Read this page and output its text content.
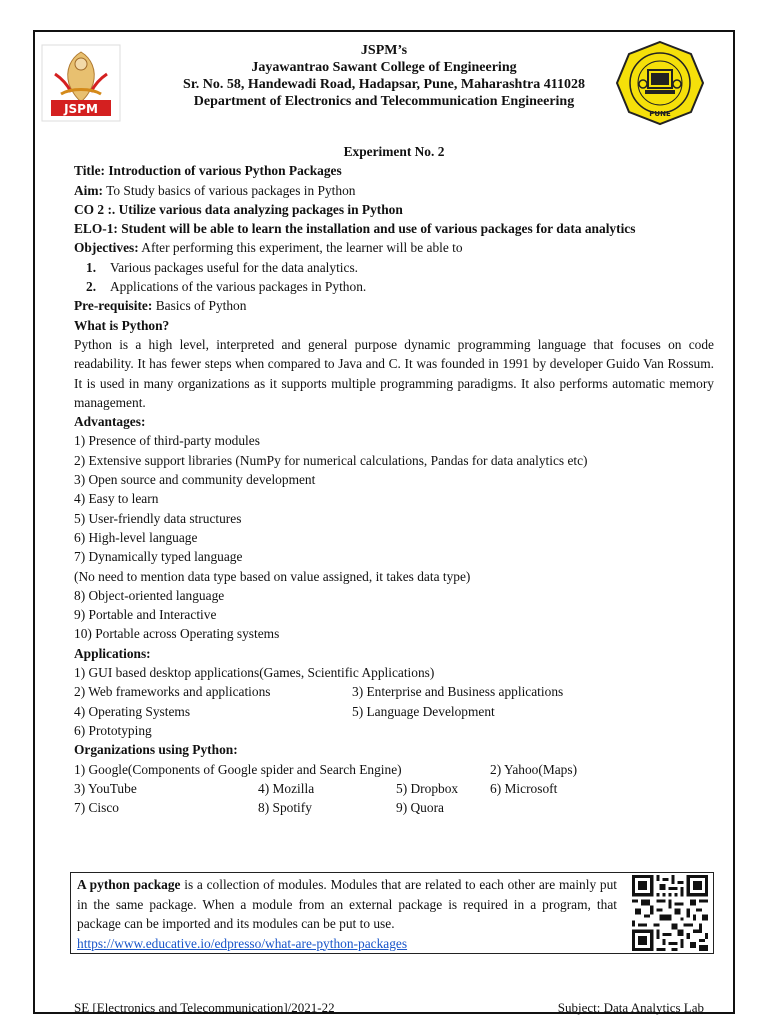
JSPM
JSPM’s
Jayawantrao Sawant College of Engineering
Sr. No. 58, Handewadi Road, Hadapsar, Pune, Maharashtra 411028
Department of Electronics and Telecommunication Engineering
PUNE

Experiment No. 2

Title: Introduction of various Python Packages

Aim: To Study basics of various packages in Python

CO 2 :. Utilize various data analyzing packages in Python

ELO-1: Student will be able to learn the installation and use of various packages for data analytics

Objectives: After performing this experiment, the learner will be able to

1. Various packages useful for the data analytics.

2. Applications of the various packages in Python.

Pre-requisite: Basics of Python

What is Python?

Python is a high level, interpreted and general purpose dynamic programming language that focuses on code readability. It has fewer steps when compared to Java and C. It was founded in 1991 by developer Guido Van Rossum. It is used in many organizations as it supports multiple programming paradigms. It also performs automatic memory management.

Advantages:

1) Presence of third-party modules

2) Extensive support libraries (NumPy for numerical calculations, Pandas for data analytics etc)

3) Open source and community development

4) Easy to learn

5) User-friendly data structures

6) High-level language

7) Dynamically typed language

(No need to mention data type based on value assigned, it takes data type)

8) Object-oriented language

9) Portable and Interactive

10) Portable across Operating systems

Applications:

1) GUI based desktop applications(Games, Scientific Applications)

2) Web frameworks and applications	3) Enterprise and Business applications

4) Operating Systems	5) Language Development

6) Prototyping

Organizations using Python:

1) Google(Components of Google spider and Search Engine)	2) Yahoo(Maps)

3) YouTube	4) Mozilla	5) Dropbox	6) Microsoft

7) Cisco	8) Spotify	9) Quora

A python package is a collection of modules. Modules that are related to each other are mainly put in the same package. When a module from an external package is required in a program, that package can be imported and its modules can be put to use.
https://www.educative.io/edpresso/what-are-python-packages
SE [Electronics and Telecommunication]/2021-22	Subject: Data Analytics Lab
